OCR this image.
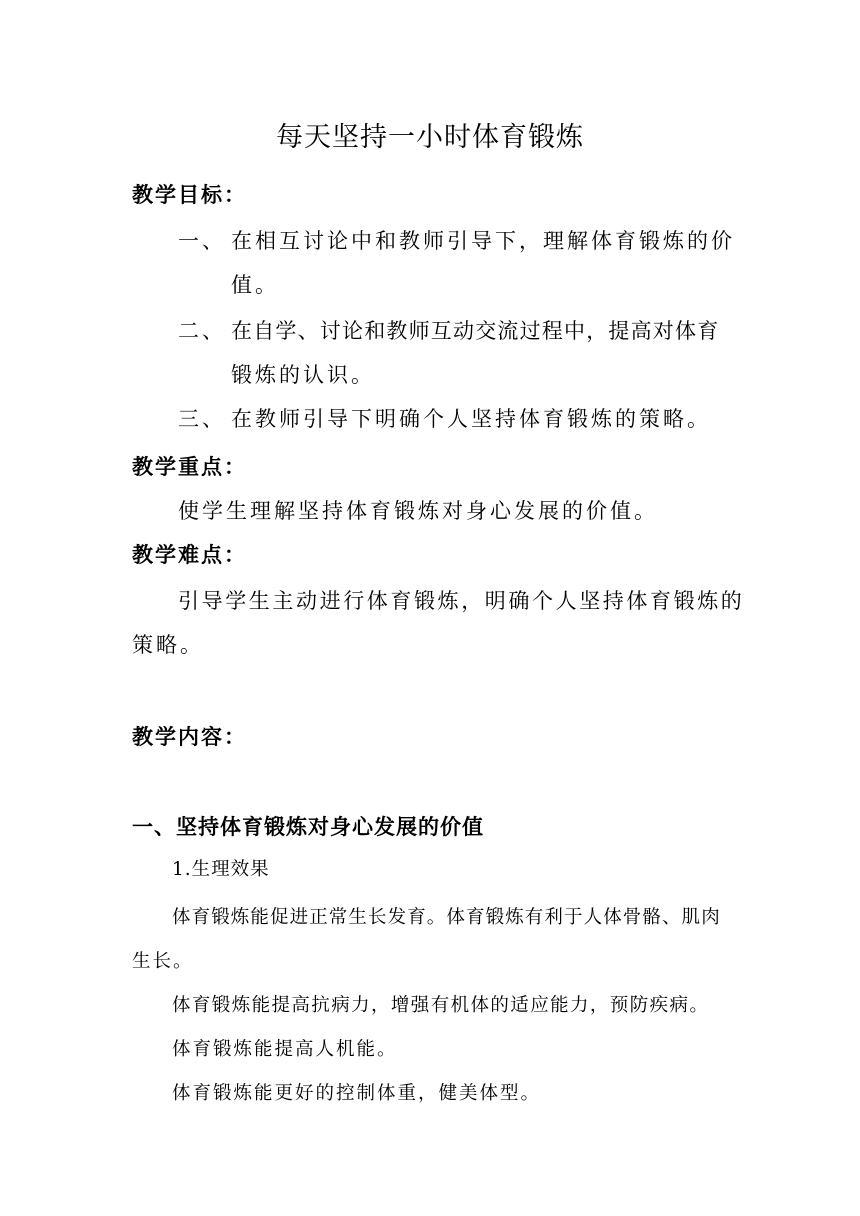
每天坚持一小时体育锻炼
教学目标：
一、 在相互讨论中和教师引导下，理解体育锻炼的价
值。
二、 在自学、讨论和教师互动交流过程中，提高对体育
锻炼的认识。
三、 在教师引导下明确个人坚持体育锻炼的策略。
教学重点：
使学生理解坚持体育锻炼对身心发展的价值。
教学难点：
引导学生主动进行体育锻炼，明确个人坚持体育锻炼的
策略。
教学内容：
一、坚持体育锻炼对身心发展的价值
1.生理效果
体育锻炼能促进正常生长发育。体育锻炼有利于人体骨骼、肌肉
生长。
体育锻炼能提高抗病力，增强有机体的适应能力，预防疾病。
体育锻炼能提高人机能。
体育锻炼能更好的控制体重，健美体型。
